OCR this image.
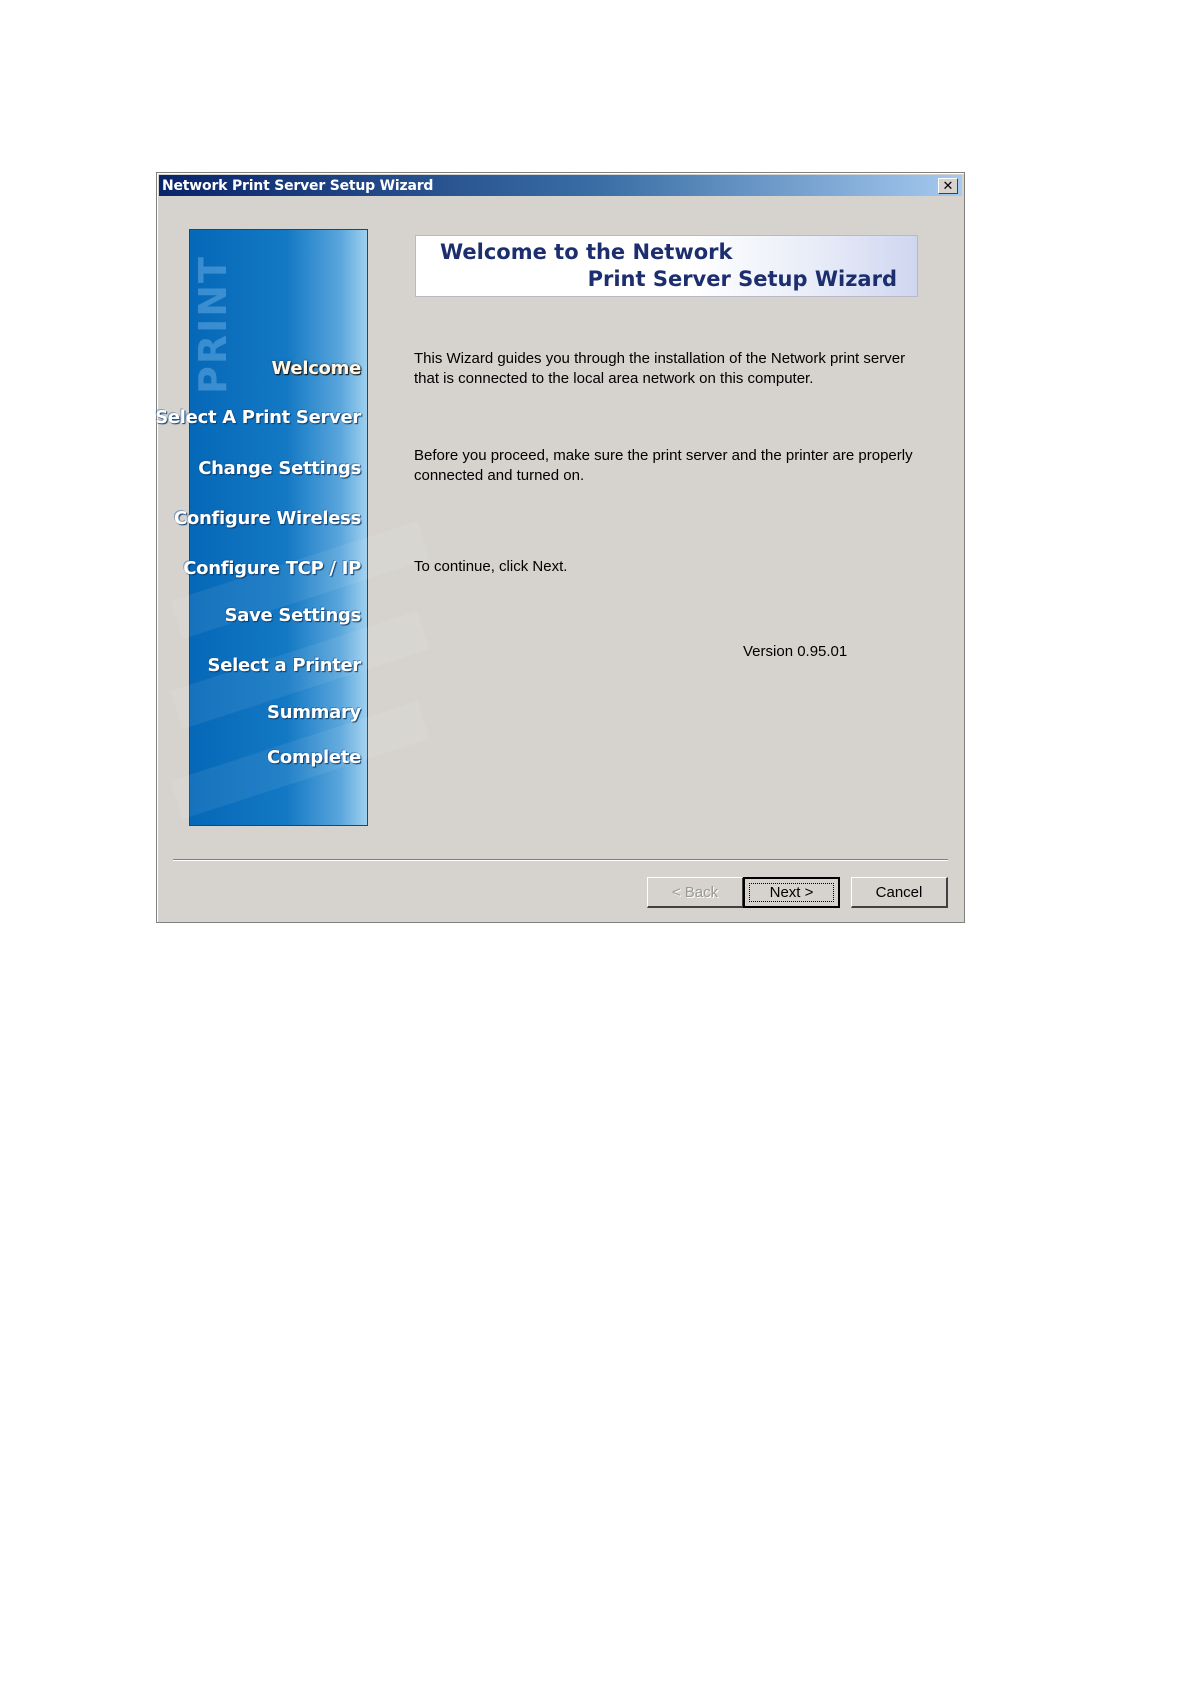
Network Print Server Setup Wizard	✕
PRINT Welcome
Select A Print Server
Change Settings
Configure Wireless
Configure TCP / IP
Save Settings
Select a Printer
Summary
Complete
Welcome to the Network
Print Server Setup Wizard
This Wizard guides you through the installation of the Network print server that is connected to the local area network on this computer.
Before you proceed, make sure the print server and the printer are properly connected and turned on.
To continue, click Next.
Version 0.95.01
< Back	Next >	Cancel
